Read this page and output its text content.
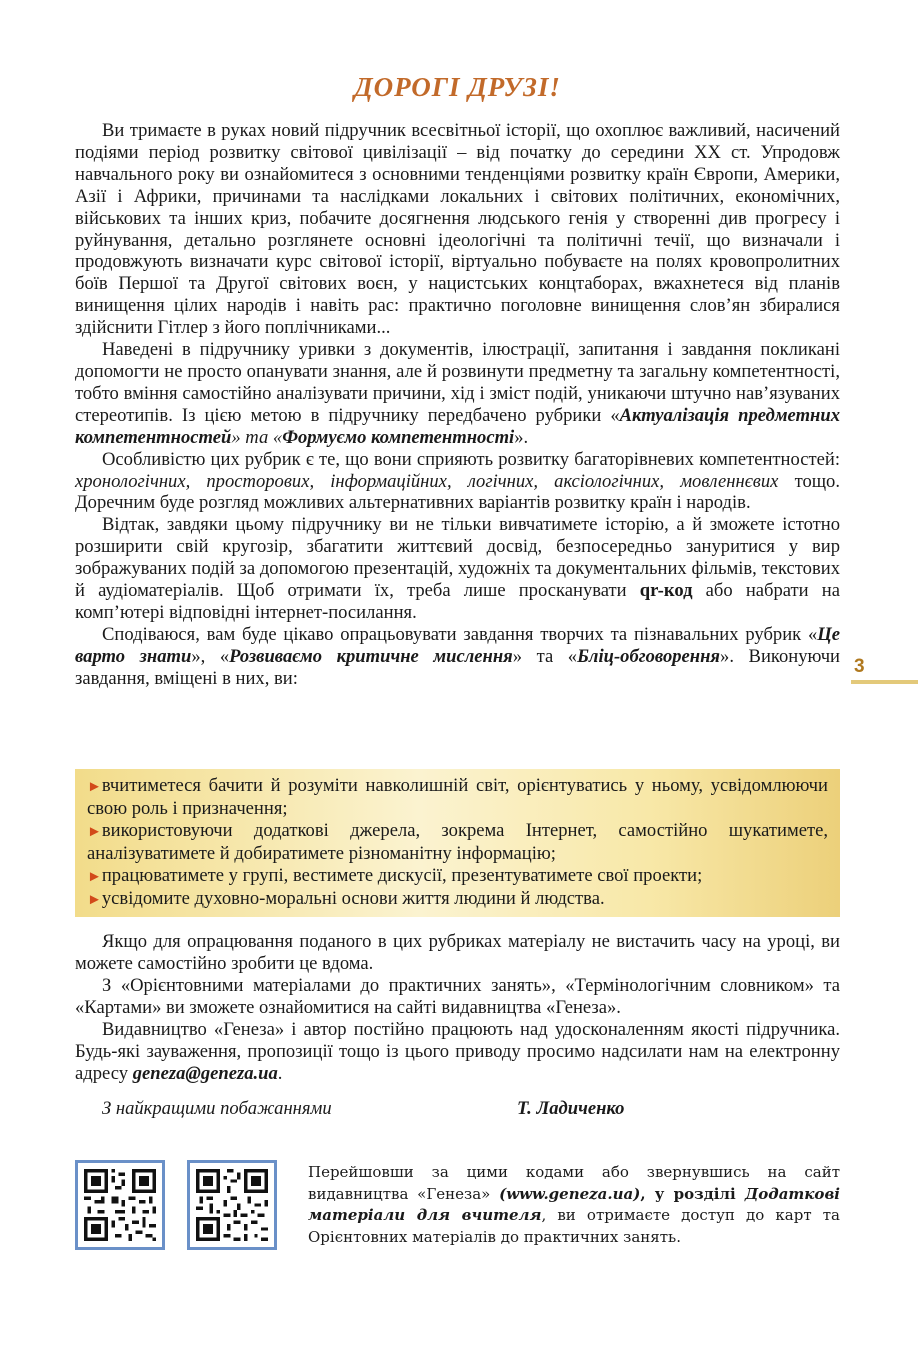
ДОРОГІ ДРУЗІ!

Ви тримаєте в руках новий підручник всесвітньої історії, що охоплює важливий, насичений подіями період розвитку світової цивілізації – від початку до середини XX ст. Упродовж навчального року ви ознайомитеся з основними тенденціями розвитку країн Європи, Америки, Азії і Африки, причинами та наслідками локальних і світових політичних, економічних, військових та інших криз, побачите досягнення людського генія у створенні див прогресу і руйнування, детально розглянете основні ідеологічні та політичні течії, що визначали і продовжують визначати курс світової історії, віртуально побуваєте на полях кровопролитних боїв Першої та Другої світових воєн, у нацистських концтаборах, вжахнетеся від планів винищення цілих народів і навіть рас: практично поголовне винищення слов’ян збиралися здійснити Гітлер з його поплічниками...

Наведені в підручнику уривки з документів, ілюстрації, запитання і завдання покликані допомогти не просто опанувати знання, але й розвинути предметну та загальну компетентності, тобто вміння самостійно аналізувати причини, хід і зміст подій, уникаючи штучно нав’язуваних стереотипів. Із цією метою в підручнику передбачено рубрики «Актуалізація предметних компетентностей» та «Формуємо компетентності».

Особливістю цих рубрик є те, що вони сприяють розвитку багаторівневих компетентностей: хронологічних, просторових, інформаційних, логічних, аксіологічних, мовленнєвих тощо. Доречним буде розгляд можливих альтернативних варіантів розвитку країн і народів.

Відтак, завдяки цьому підручнику ви не тільки вивчатимете історію, а й зможете істотно розширити свій кругозір, збагатити життєвий досвід, безпосередньо зануритися у вир зображуваних подій за допомогою презентацій, художніх та документальних фільмів, текстових й аудіоматеріалів. Щоб отримати їх, треба лише просканувати qr-код або набрати на комп’ютері відповідні інтернет-посилання.

Сподіваюся, вам буде цікаво опрацьовувати завдання творчих та пізнавальних рубрик «Це варто знати», «Розвиваємо критичне мислення» та «Бліц-обговорення». Виконуючи завдання, вміщені в них, ви:

►вчитиметеся бачити й розуміти навколишній світ, орієнтуватись у ньому, усвідомлюючи свою роль і призначення;

►використовуючи додаткові джерела, зокрема Інтернет, самостійно шукатимете, аналізуватимете й добиратимете різноманітну інформацію;

►працюватимете у групі, вестимете дискусії, презентуватимете свої проекти;

►усвідомите духовно-моральні основи життя людини й людства.

Якщо для опрацювання поданого в цих рубриках матеріалу не вистачить часу на уроці, ви можете самостійно зробити це вдома.

З «Орієнтовними матеріалами до практичних занять», «Термінологічним словником» та «Картами» ви зможете ознайомитися на сайті видавництва «Генеза».

Видавництво «Генеза» і автор постійно працюють над удосконаленням якості підручника. Будь-які зауваження, пропозиції тощо із цього приводу просимо надсилати нам на електронну адресу geneza@geneza.ua.

З найкращими побажаннями	Т. Ладиченко
Перейшовши за цими кодами або звернувшись на сайт видавництва «Генеза» (www.geneza.ua), у розділі Додаткові матеріали для вчителя, ви отримаєте доступ до карт та Орієнтовних матеріалів до практичних занять.
3
